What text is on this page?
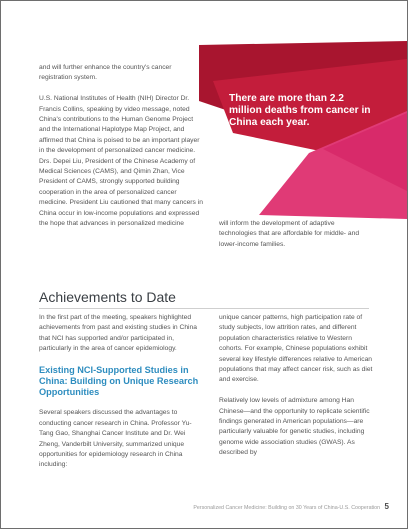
There are more than 2.2 million deaths from cancer in China each year.

and will further enhance the country's cancer registration system.

U.S. National Institutes of Health (NIH) Director Dr. Francis Collins, speaking by video message, noted China's contributions to the Human Genome Project and the International Haplotype Map Project, and affirmed that China is poised to be an important player in the development of personalized cancer medicine. Drs. Depei Liu, President of the Chinese Academy of Medical Sciences (CAMS), and Qimin Zhan, Vice President of CAMS, strongly supported building cooperation in the area of personalized cancer medicine. President Liu cautioned that many cancers in China occur in low-income populations and expressed the hope that advances in personalized medicine	will inform the development of adaptive technologies that are affordable for middle- and lower-income families.

Achievements to Date

In the first part of the meeting, speakers highlighted achievements from past and existing studies in China that NCI has supported and/or participated in, particularly in the area of cancer epidemiology.

Existing NCI-Supported Studies in China: Building on Unique Research Opportunities

Several speakers discussed the advantages to conducting cancer research in China. Professor Yu-Tang Gao, Shanghai Cancer Institute and Dr. Wei Zheng, Vanderbilt University, summarized unique opportunities for epidemiology research in China including:

unique cancer patterns, high participation rate of study subjects, low attrition rates, and different population characteristics relative to Western cohorts. For example, Chinese populations exhibit several key lifestyle differences relative to American populations that may affect cancer risk, such as diet and exercise.

Relatively low levels of admixture among Han Chinese—and the opportunity to replicate scientific findings generated in American populations—are particularly valuable for genetic studies, including genome wide association studies (GWAS). As described by

Personalized Cancer Medicine: Building on 30 Years of China-U.S. Cooperation 5
